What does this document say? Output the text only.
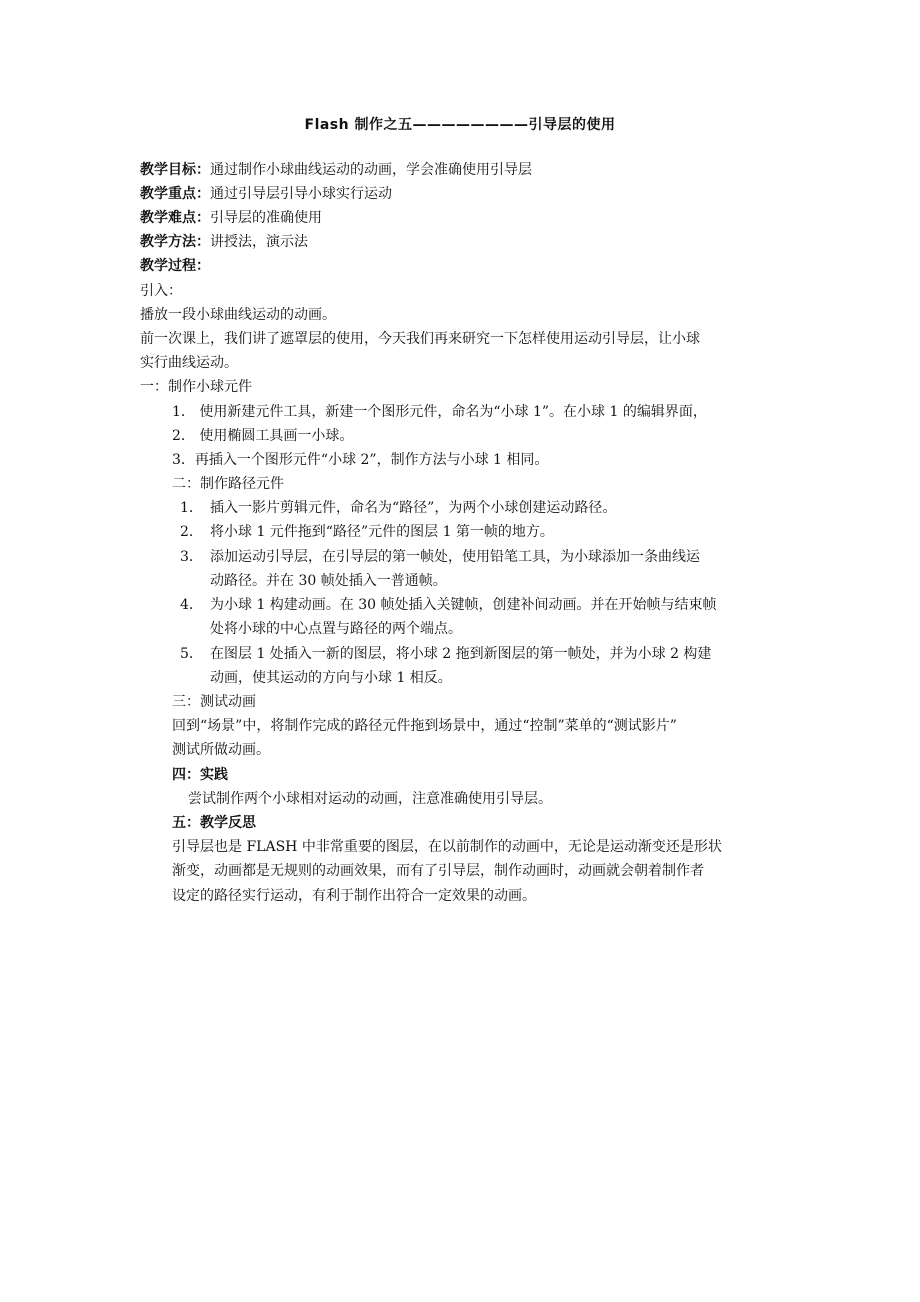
Flash 制作之五————————引导层的使用
教学目标：通过制作小球曲线运动的动画，学会准确使用引导层
教学重点：通过引导层引导小球实行运动
教学难点：引导层的准确使用
教学方法：讲授法，演示法
教学过程：
引入：
播放一段小球曲线运动的动画。
前一次课上，我们讲了遮罩层的使用，今天我们再来研究一下怎样使用运动引导层，让小球
实行曲线运动。
一：制作小球元件
1． 使用新建元件工具，新建一个图形元件，命名为“小球 1”。在小球 1 的编辑界面，
2． 使用椭圆工具画一小球。
3．再插入一个图形元件“小球 2”，制作方法与小球 1 相同。
二：制作路径元件
1． 插入一影片剪辑元件，命名为“路径”，为两个小球创建运动路径。
2． 将小球 1 元件拖到“路径”元件的图层 1 第一帧的地方。
3． 添加运动引导层，在引导层的第一帧处，使用铅笔工具，为小球添加一条曲线运
动路径。并在 30 帧处插入一普通帧。
4． 为小球 1 构建动画。在 30 帧处插入关键帧，创建补间动画。并在开始帧与结束帧
处将小球的中心点置与路径的两个端点。
5． 在图层 1 处插入一新的图层，将小球 2 拖到新图层的第一帧处，并为小球 2 构建
动画，使其运动的方向与小球 1 相反。
三：测试动画
回到“场景”中，将制作完成的路径元件拖到场景中，通过“控制”菜单的“测试影片”
测试所做动画。
四：实践
尝试制作两个小球相对运动的动画，注意准确使用引导层。
五：教学反思
引导层也是 FLASH 中非常重要的图层，在以前制作的动画中，无论是运动渐变还是形状
渐变，动画都是无规则的动画效果，而有了引导层，制作动画时，动画就会朝着制作者
设定的路径实行运动，有利于制作出符合一定效果的动画。
